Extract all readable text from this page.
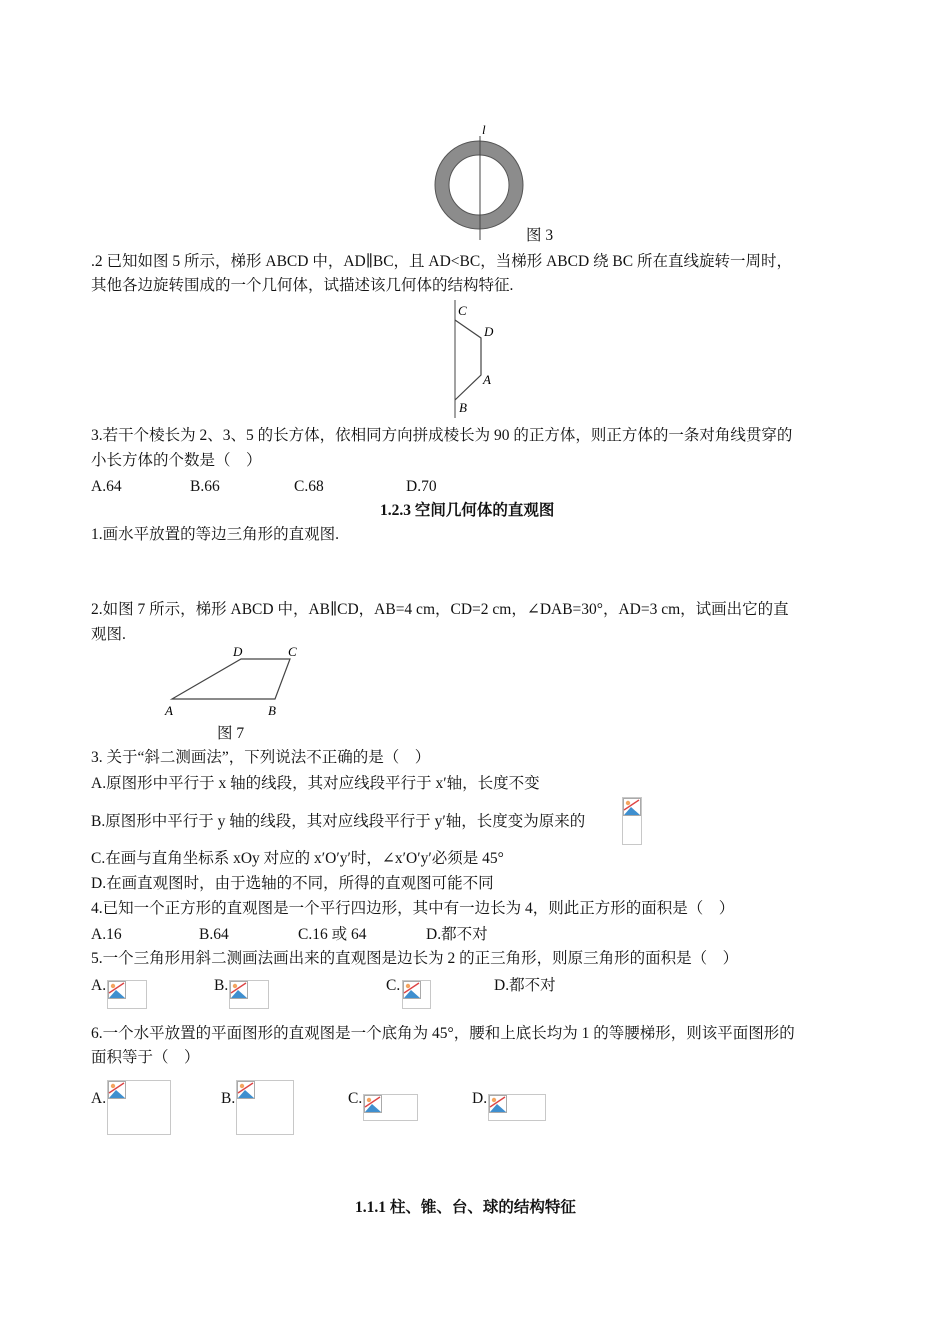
l
图 3
.2 已知如图 5 所示，梯形 ABCD 中，AD∥BC，且 AD<BC，当梯形 ABCD 绕 BC 所在直线旋转一周时，
其他各边旋转围成的一个几何体，试描述该几何体的结构特征.
C
D
A
B
3.若干个棱长为 2、3、5 的长方体，依相同方向拼成棱长为 90 的正方体，则正方体的一条对角线贯穿的
小长方体的个数是（　）
A.64	B.66	C.68	D.70
1.2.3 空间几何体的直观图
1.画水平放置的等边三角形的直观图.
2.如图 7 所示，梯形 ABCD 中，AB∥CD，AB=4 cm，CD=2 cm，∠DAB=30°，AD=3 cm，试画出它的直
观图.
D	C
A	B
图 7
3. 关于“斜二测画法”，下列说法不正确的是（　）
A.原图形中平行于 x 轴的线段，其对应线段平行于 x′轴，长度不变
B.原图形中平行于 y 轴的线段，其对应线段平行于 y′轴，长度变为原来的
C.在画与直角坐标系 xOy 对应的 x′O′y′时，∠x′O′y′必须是 45°
D.在画直观图时，由于选轴的不同，所得的直观图可能不同
4.已知一个正方形的直观图是一个平行四边形，其中有一边长为 4，则此正方形的面积是（　）
A.16	B.64	C.16 或 64	D.都不对
5.一个三角形用斜二测画法画出来的直观图是边长为 2 的正三角形，则原三角形的面积是（　）
A.	B.	C.	D.都不对
6.一个水平放置的平面图形的直观图是一个底角为 45°，腰和上底长均为 1 的等腰梯形，则该平面图形的
面积等于（　）
A.	B.	C.	D.
1.1.1 柱、锥、台、球的结构特征
